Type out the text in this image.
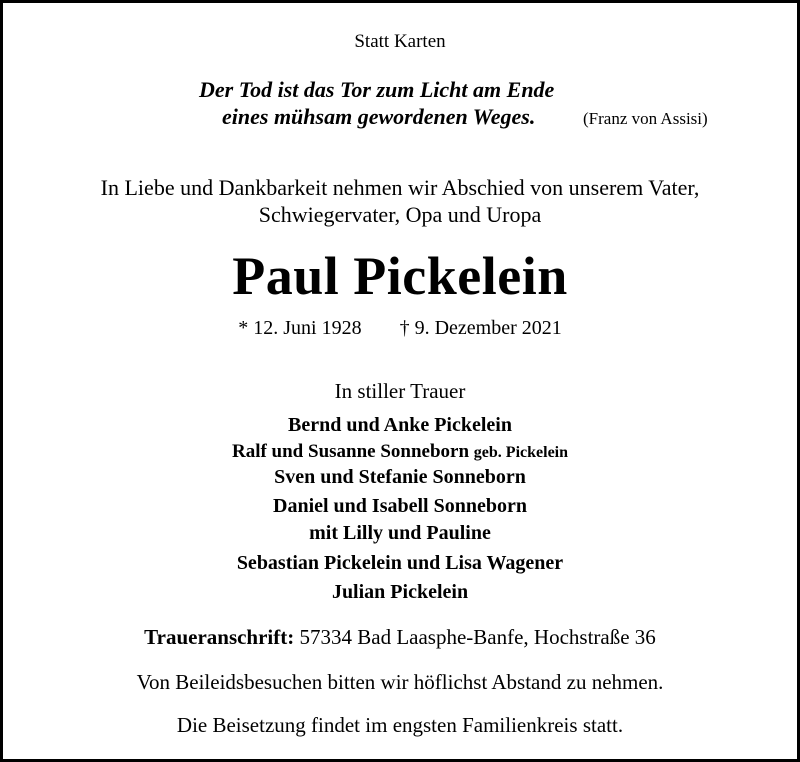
Statt Karten
Der Tod ist das Tor zum Licht am Ende
eines mühsam gewordenen Weges.	(Franz von Assisi)
In Liebe und Dankbarkeit nehmen wir Abschied von unserem Vater,
Schwiegervater, Opa und Uropa
Paul Pickelein
* 12. Juni 1928 † 9. Dezember 2021
In stiller Trauer
Bernd und Anke Pickelein
Ralf und Susanne Sonneborn geb. Pickelein
Sven und Stefanie Sonneborn
Daniel und Isabell Sonneborn
mit Lilly und Pauline
Sebastian Pickelein und Lisa Wagener
Julian Pickelein
Traueranschrift: 57334 Bad Laasphe-Banfe, Hochstraße 36
Von Beileidsbesuchen bitten wir höflichst Abstand zu nehmen.
Die Beisetzung findet im engsten Familienkreis statt.
